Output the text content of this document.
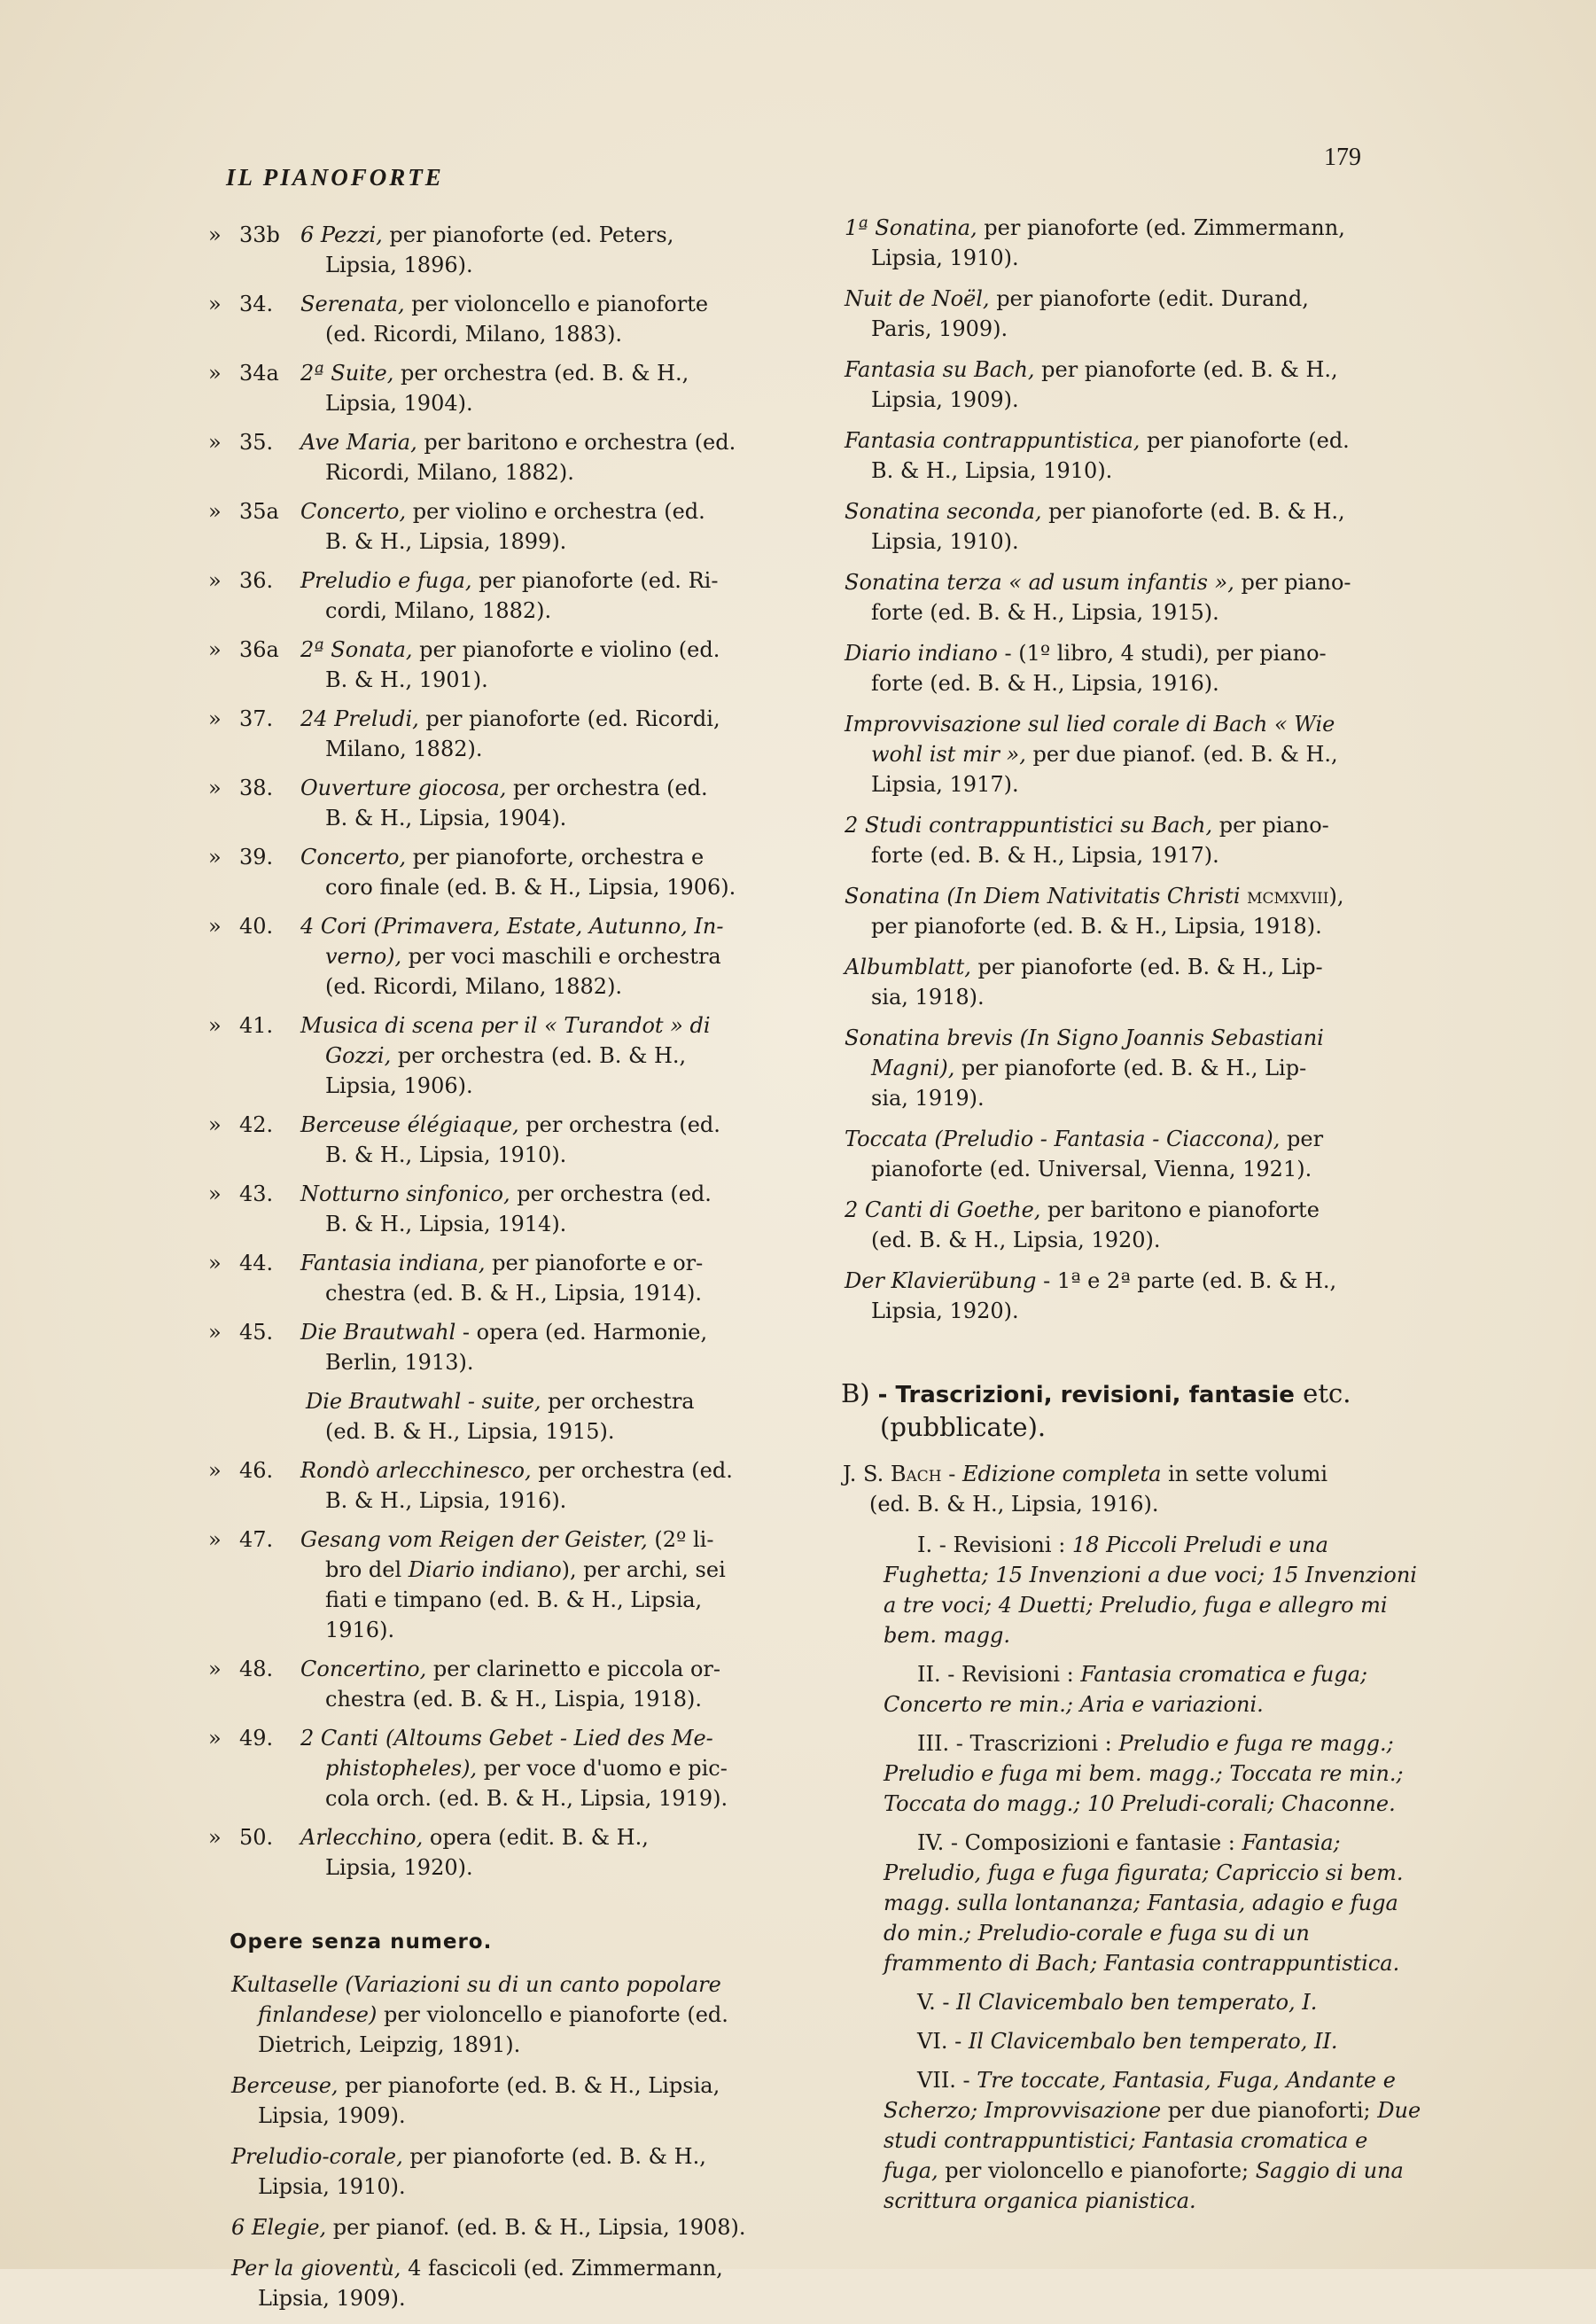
IL PIANOFORTE
179
» 33b 6 Pezzi, per pianoforte (ed. Peters,
Lipsia, 1896).
» 34. Serenata, per violoncello e pianoforte
(ed. Ricordi, Milano, 1883).
» 34a 2ª Suite, per orchestra (ed. B. & H.,
Lipsia, 1904).
» 35. Ave Maria, per baritono e orchestra (ed.
Ricordi, Milano, 1882).
» 35a Concerto, per violino e orchestra (ed.
B. & H., Lipsia, 1899).
» 36. Preludio e fuga, per pianoforte (ed. Ri-
cordi, Milano, 1882).
» 36a 2ª Sonata, per pianoforte e violino (ed.
B. & H., 1901).
» 37. 24 Preludi, per pianoforte (ed. Ricordi,
Milano, 1882).
» 38. Ouverture giocosa, per orchestra (ed.
B. & H., Lipsia, 1904).
» 39. Concerto, per pianoforte, orchestra e
coro finale (ed. B. & H., Lipsia, 1906).
» 40. 4 Cori (Primavera, Estate, Autunno, In-
verno), per voci maschili e orchestra
(ed. Ricordi, Milano, 1882).
» 41. Musica di scena per il « Turandot » di
Gozzi, per orchestra (ed. B. & H.,
Lipsia, 1906).
» 42. Berceuse élégiaque, per orchestra (ed.
B. & H., Lipsia, 1910).
» 43. Notturno sinfonico, per orchestra (ed.
B. & H., Lipsia, 1914).
» 44. Fantasia indiana, per pianoforte e or-
chestra (ed. B. & H., Lipsia, 1914).
» 45. Die Brautwahl - opera (ed. Harmonie,
Berlin, 1913).
Die Brautwahl - suite, per orchestra
(ed. B. & H., Lipsia, 1915).
» 46. Rondò arlecchinesco, per orchestra (ed.
B. & H., Lipsia, 1916).
» 47. Gesang vom Reigen der Geister, (2º li-
bro del Diario indiano), per archi, sei
fiati e timpano (ed. B. & H., Lipsia,
1916).
» 48. Concertino, per clarinetto e piccola or-
chestra (ed. B. & H., Lispia, 1918).
» 49. 2 Canti (Altoums Gebet - Lied des Me-
phistopheles), per voce d'uomo e pic-
cola orch. (ed. B. & H., Lipsia, 1919).
» 50. Arlecchino, opera (edit. B. & H.,
Lipsia, 1920).
Opere senza numero.
Kultaselle (Variazioni su di un canto popolare
finlandese) per violoncello e pianoforte (ed.
Dietrich, Leipzig, 1891).
Berceuse, per pianoforte (ed. B. & H., Lipsia,
Lipsia, 1909).
Preludio-corale, per pianoforte (ed. B. & H.,
Lipsia, 1910).
6 Elegie, per pianof. (ed. B. & H., Lipsia, 1908).
Per la gioventù, 4 fascicoli (ed. Zimmermann,
Lipsia, 1909).
1ª Sonatina, per pianoforte (ed. Zimmermann,
Lipsia, 1910).
Nuit de Noël, per pianoforte (edit. Durand,
Paris, 1909).
Fantasia su Bach, per pianoforte (ed. B. & H.,
Lipsia, 1909).
Fantasia contrappuntistica, per pianoforte (ed.
B. & H., Lipsia, 1910).
Sonatina seconda, per pianoforte (ed. B. & H.,
Lipsia, 1910).
Sonatina terza « ad usum infantis », per piano-
forte (ed. B. & H., Lipsia, 1915).
Diario indiano - (1º libro, 4 studi), per piano-
forte (ed. B. & H., Lipsia, 1916).
Improvvisazione sul lied corale di Bach « Wie
wohl ist mir », per due pianof. (ed. B. & H.,
Lipsia, 1917).
2 Studi contrappuntistici su Bach, per piano-
forte (ed. B. & H., Lipsia, 1917).
Sonatina (In Diem Nativitatis Christi mcmxviii),
per pianoforte (ed. B. & H., Lipsia, 1918).
Albumblatt, per pianoforte (ed. B. & H., Lip-
sia, 1918).
Sonatina brevis (In Signo Joannis Sebastiani
Magni), per pianoforte (ed. B. & H., Lip-
sia, 1919).
Toccata (Preludio - Fantasia - Ciaccona), per
pianoforte (ed. Universal, Vienna, 1921).
2 Canti di Goethe, per baritono e pianoforte
(ed. B. & H., Lipsia, 1920).
Der Klavierübung - 1ª e 2ª parte (ed. B. & H.,
Lipsia, 1920).
B) - Trascrizioni, revisioni, fantasie etc.
(pubblicate).
J. S. Bach - Edizione completa in sette volumi
(ed. B. & H., Lipsia, 1916).
I. - Revisioni : 18 Piccoli Preludi e una Fughetta; 15 Invenzioni a due voci; 15 Invenzioni a tre voci; 4 Duetti; Preludio, fuga e allegro mi bem. magg.
II. - Revisioni : Fantasia cromatica e fuga; Concerto re min.; Aria e variazioni.
III. - Trascrizioni : Preludio e fuga re magg.; Preludio e fuga mi bem. magg.; Toccata re min.; Toccata do magg.; 10 Preludi-corali; Chaconne.
IV. - Composizioni e fantasie : Fantasia; Preludio, fuga e fuga figurata; Capriccio si bem. magg. sulla lontananza; Fantasia, adagio e fuga do min.; Preludio-corale e fuga su di un frammento di Bach; Fantasia contrappuntistica.
V. - Il Clavicembalo ben temperato, I.
VI. - Il Clavicembalo ben temperato, II.
VII. - Tre toccate, Fantasia, Fuga, Andante e Scherzo; Improvvisazione per due pianoforti; Due studi contrappuntistici; Fantasia cromatica e fuga, per violoncello e pianoforte; Saggio di una scrittura organica pianistica.
